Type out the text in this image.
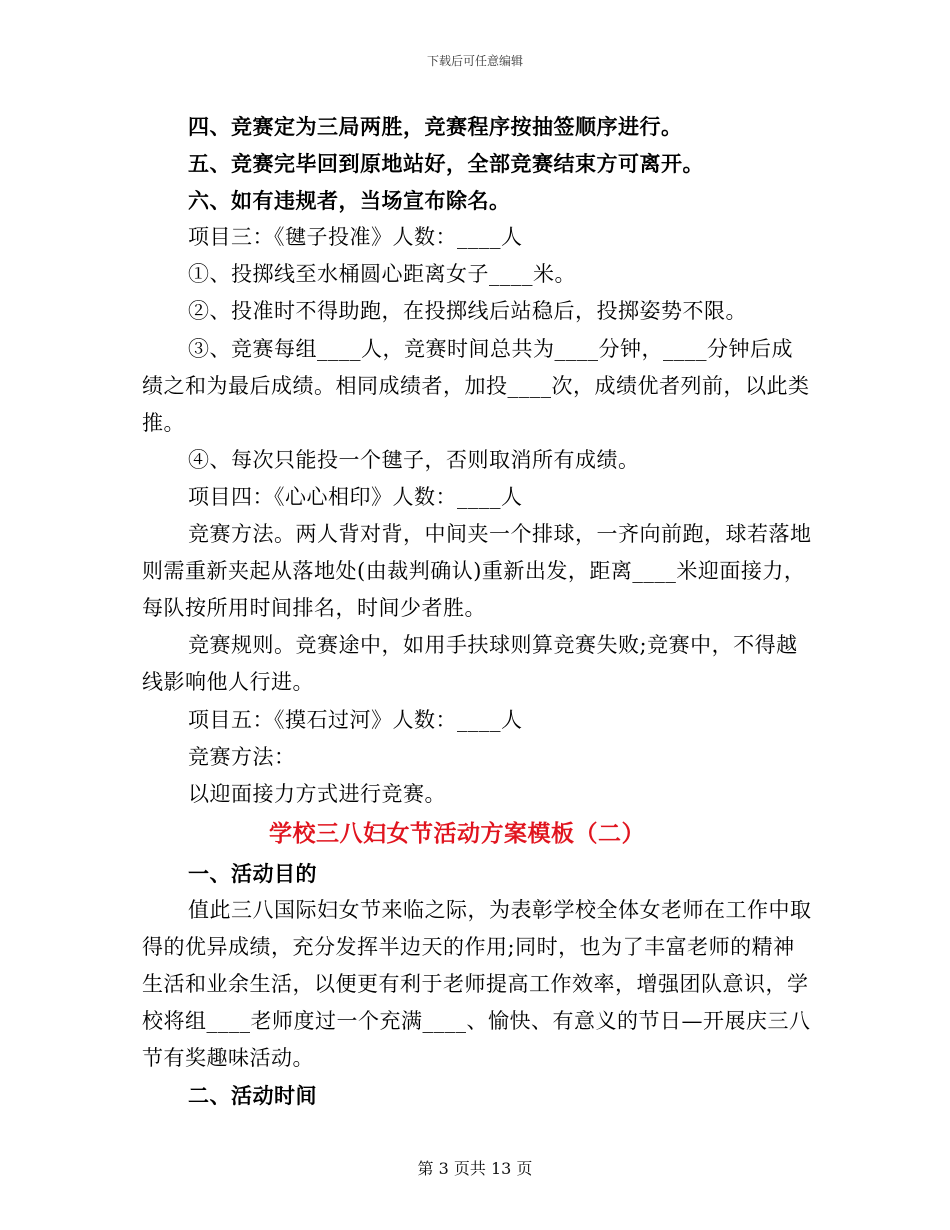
下载后可任意编辑

四、竞赛定为三局两胜，竞赛程序按抽签顺序进行。

五、竞赛完毕回到原地站好，全部竞赛结束方可离开。

六、如有违规者，当场宣布除名。

项目三：《毽子投准》人数：____人

①、投掷线至水桶圆心距离女子____米。

②、投准时不得助跑，在投掷线后站稳后，投掷姿势不限。

③、竞赛每组____人，竞赛时间总共为____分钟，____分钟后成绩之和为最后成绩。相同成绩者，加投____次，成绩优者列前，以此类推。

④、每次只能投一个毽子，否则取消所有成绩。

项目四：《心心相印》人数：____人

竞赛方法。两人背对背，中间夹一个排球，一齐向前跑，球若落地则需重新夹起从落地处(由裁判确认)重新出发，距离____米迎面接力，每队按所用时间排名，时间少者胜。

竞赛规则。竞赛途中，如用手扶球则算竞赛失败;竞赛中，不得越线影响他人行进。

项目五：《摸石过河》人数：____人

竞赛方法：

以迎面接力方式进行竞赛。

学校三八妇女节活动方案模板（二）

一、活动目的

值此三八国际妇女节来临之际，为表彰学校全体女老师在工作中取得的优异成绩，充分发挥半边天的作用;同时，也为了丰富老师的精神生活和业余生活，以便更有利于老师提高工作效率，增强团队意识，学校将组____老师度过一个充满____、愉快、有意义的节日—开展庆三八节有奖趣味活动。

二、活动时间

第 3 页共 13 页
